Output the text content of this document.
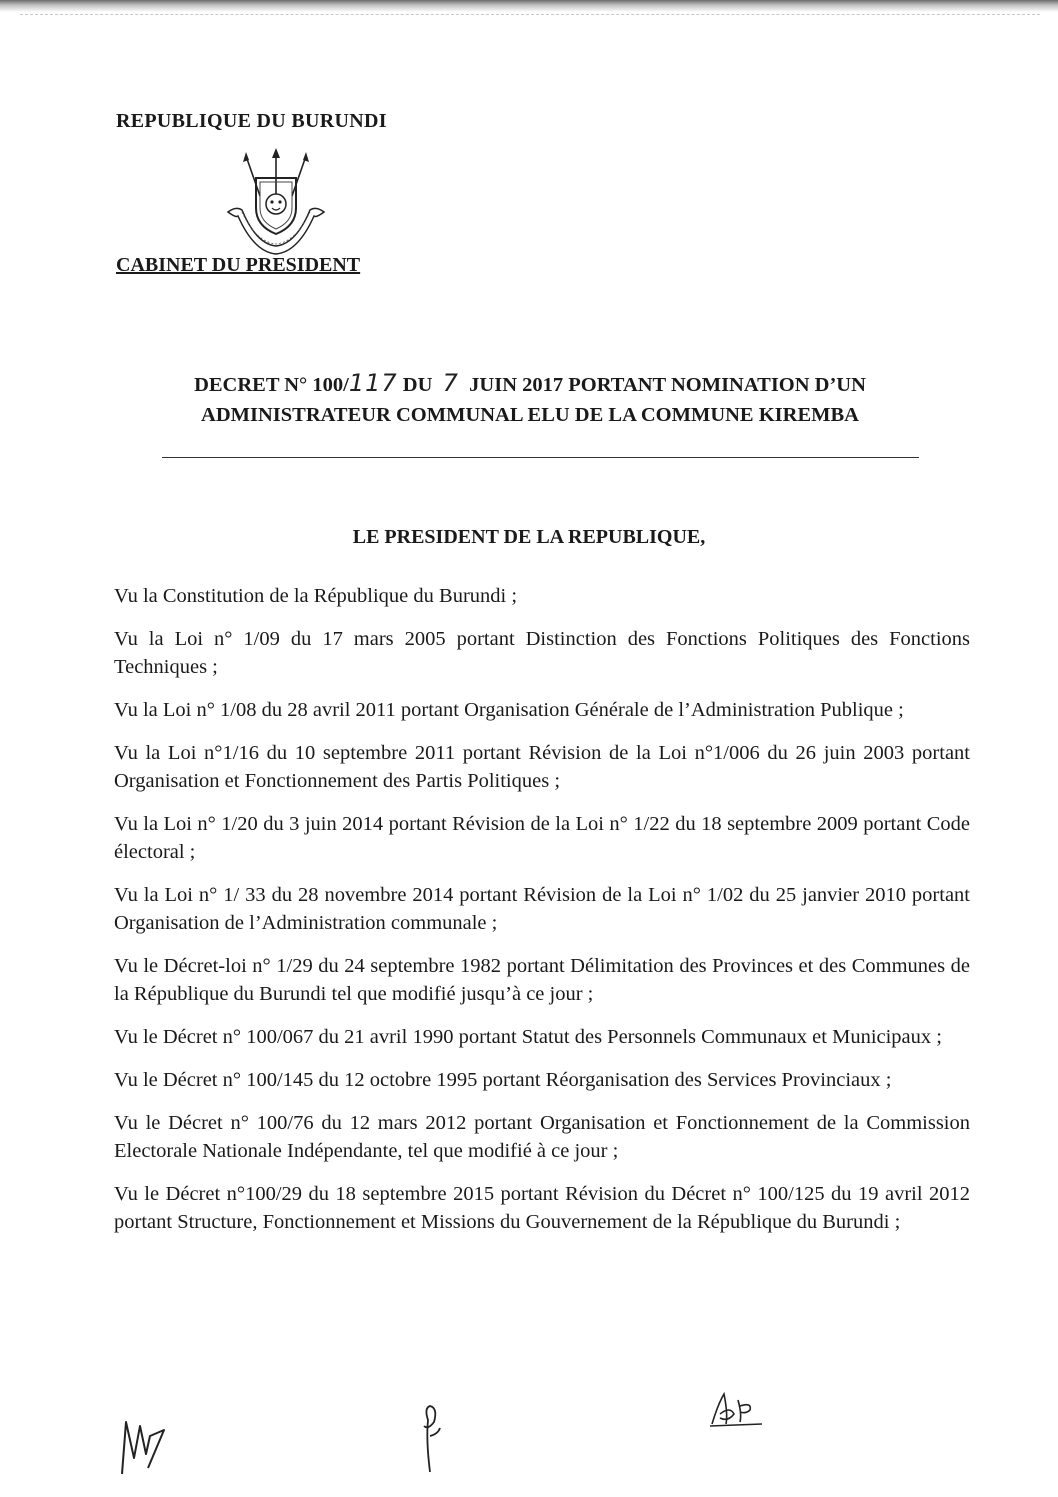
REPUBLIQUE DU BURUNDI

CABINET DU PRESIDENT
DECRET N° 100/117 DU  7  JUIN 2017 PORTANT NOMINATION D’UN
ADMINISTRATEUR COMMUNAL ELU DE LA COMMUNE KIREMBA
LE PRESIDENT DE LA REPUBLIQUE,

Vu la Constitution de la République du Burundi ;

Vu la Loi n° 1/09 du 17 mars 2005 portant Distinction des Fonctions Politiques des Fonctions Techniques ;

Vu la Loi n° 1/08 du 28 avril 2011 portant Organisation Générale de l’Administration Publique ;

Vu la Loi n°1/16 du 10 septembre 2011 portant Révision de la Loi n°1/006 du 26 juin 2003 portant Organisation et Fonctionnement des Partis Politiques ;

Vu la Loi n° 1/20 du 3 juin 2014 portant Révision de la Loi n° 1/22 du 18 septembre 2009 portant Code électoral ;

Vu la Loi n° 1/ 33 du 28 novembre 2014 portant Révision de la Loi n° 1/02 du 25 janvier 2010 portant Organisation de l’Administration communale ;

Vu le Décret-loi n° 1/29 du 24 septembre 1982 portant Délimitation des Provinces et des Communes de la République du Burundi tel que modifié jusqu’à ce jour ;

Vu le Décret n° 100/067 du 21 avril 1990 portant Statut des Personnels Communaux et Municipaux ;

Vu le Décret n° 100/145 du 12 octobre 1995 portant Réorganisation des Services Provinciaux ;

Vu le Décret n° 100/76 du 12 mars 2012 portant Organisation et Fonctionnement de la Commission Electorale Nationale Indépendante, tel que modifié à ce jour ;

Vu le Décret n°100/29 du 18 septembre 2015 portant Révision du Décret n° 100/125 du 19 avril 2012 portant Structure, Fonctionnement et Missions du Gouvernement de la République du Burundi ;
